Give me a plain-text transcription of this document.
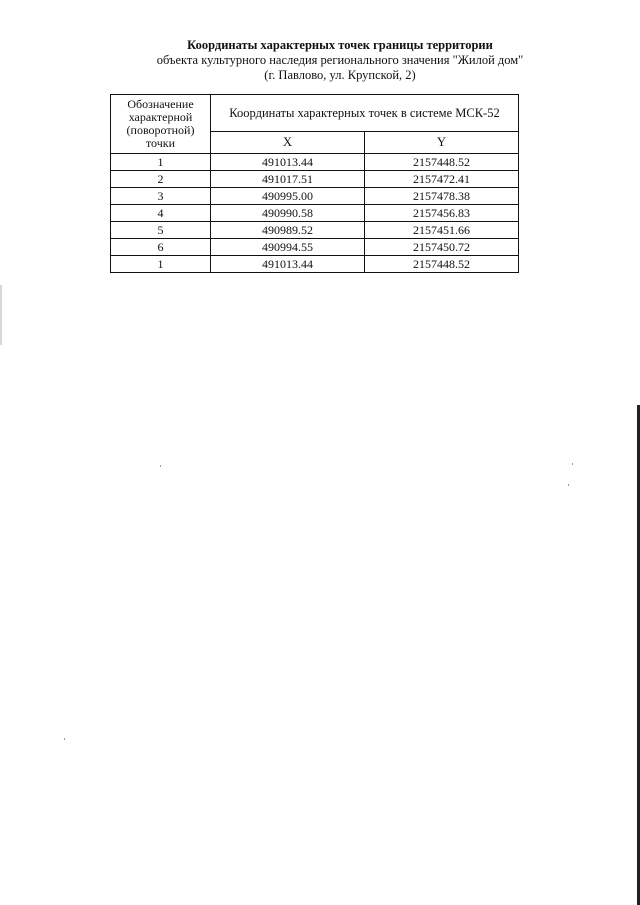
Координаты характерных точек границы территории
объекта культурного наследия регионального значения "Жилой дом"
(г. Павлово, ул. Крупской, 2)
Обозначение характерной (поворотной) точки	Координаты характерных точек в системе МСК-52	
	X	Y
1	491013.44	2157448.52
2	491017.51	2157472.41
3	490995.00	2157478.38
4	490990.58	2157456.83
5	490989.52	2157451.66
6	490994.55	2157450.72
1	491013.44	2157448.52
